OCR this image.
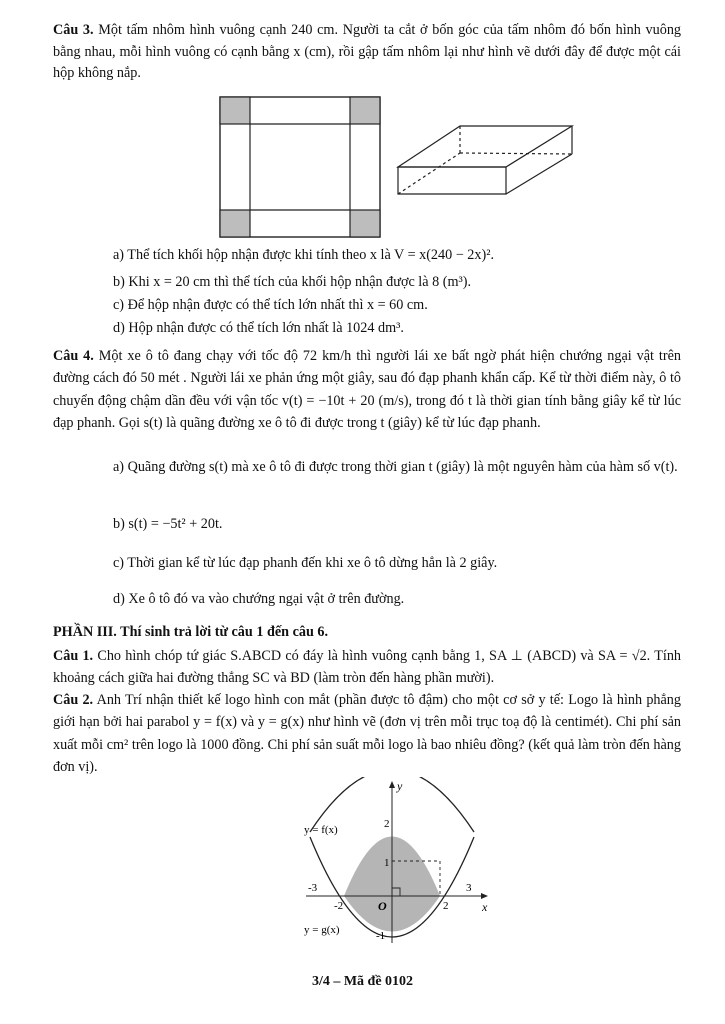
Câu 3. Một tấm nhôm hình vuông cạnh 240 cm. Người ta cắt ở bốn góc của tấm nhôm đó bốn hình vuông bằng nhau, mỗi hình vuông có cạnh bằng x (cm), rồi gập tấm nhôm lại như hình vẽ dưới đây để được một cái hộp không nắp.

a) Thể tích khối hộp nhận được khi tính theo x là V = x(240 − 2x)².
b) Khi x = 20 cm thì thể tích của khối hộp nhận được là 8 (m³).
c) Để hộp nhận được có thể tích lớn nhất thì x = 60 cm.
d) Hộp nhận được có thể tích lớn nhất là 1024 dm³.

Câu 4. Một xe ô tô đang chạy với tốc độ 72 km/h thì người lái xe bất ngờ phát hiện chướng ngại vật trên đường cách đó 50 mét . Người lái xe phản ứng một giây, sau đó đạp phanh khẩn cấp. Kể từ thời điểm này, ô tô chuyển động chậm dần đều với vận tốc v(t) = −10t + 20 (m/s), trong đó t là thời gian tính bằng giây kể từ lúc đạp phanh. Gọi s(t) là quãng đường xe ô tô đi được trong t (giây) kể từ lúc đạp phanh.

a) Quãng đường s(t) mà xe ô tô đi được trong thời gian t (giây) là một nguyên hàm của hàm số v(t).

b) s(t) = −5t² + 20t.
c) Thời gian kể từ lúc đạp phanh đến khi xe ô tô dừng hẳn là 2 giây.
d) Xe ô tô đó va vào chướng ngại vật ở trên đường.
PHẦN III. Thí sinh trả lời từ câu 1 đến câu 6.

Câu 1. Cho hình chóp tứ giác S.ABCD có đáy là hình vuông cạnh bằng 1, SA ⊥ (ABCD) và SA = √2. Tính khoảng cách giữa hai đường thẳng SC và BD (làm tròn đến hàng phần mười).

Câu 2. Anh Trí nhận thiết kế logo hình con mắt (phần được tô đậm) cho một cơ sở y tế: Logo là hình phẳng giới hạn bởi hai parabol y = f(x) và y = g(x) như hình vẽ (đơn vị trên mỗi trục toạ độ là centimét). Chi phí sản xuất mỗi cm² trên logo là 1000 đồng. Chi phí sản suất mỗi logo là bao nhiêu đồng? (kết quả làm tròn đến hàng đơn vị).

y
x
y = f(x)
y = g(x)
O
2
1
-3
-2	2
3
-1
3/4 – Mã đề 0102
